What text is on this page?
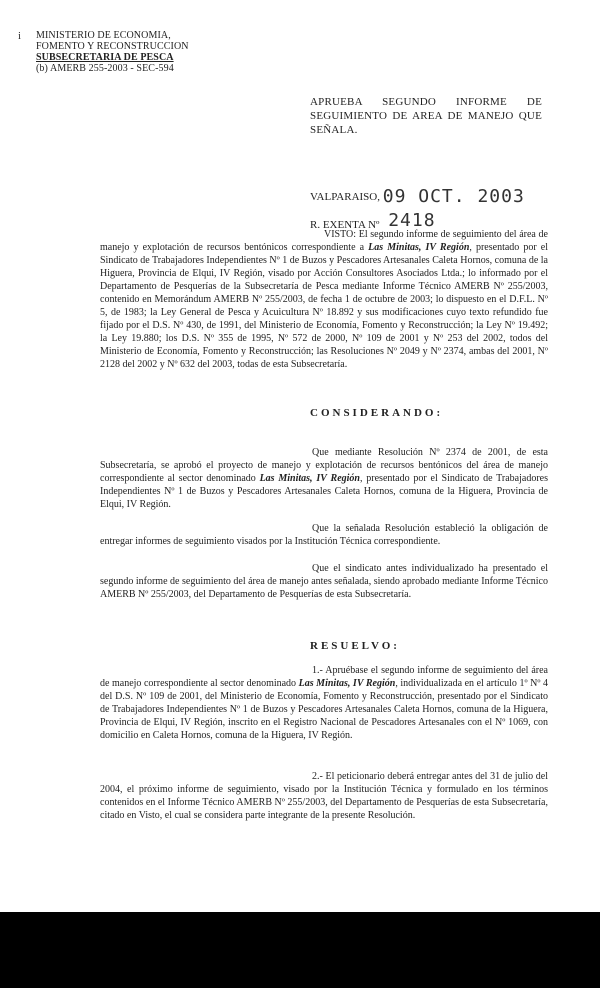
i MINISTERIO DE ECONOMIA,
FOMENTO Y RECONSTRUCCION
SUBSECRETARIA DE PESCA
(b) AMERB 255-2003 - SEC-594
APRUEBA SEGUNDO INFORME DE SEGUIMIENTO DE AREA DE MANEJO QUE SEÑALA.
VALPARAISO, 09 OCT. 2003
R. EXENTA Nº 2418

VISTO: El segundo informe de seguimiento del área de manejo y explotación de recursos bentónicos correspondiente a Las Minitas, IV Región, presentado por el Sindicato de Trabajadores Independientes Nº 1 de Buzos y Pescadores Artesanales Caleta Hornos, comuna de la Higuera, Provincia de Elqui, IV Región, visado por Acción Consultores Asociados Ltda.; lo informado por el Departamento de Pesquerías de la Subsecretaría de Pesca mediante Informe Técnico AMERB Nº 255/2003, contenido en Memorándum AMERB Nº 255/2003, de fecha 1 de octubre de 2003; lo dispuesto en el D.F.L. Nº 5, de 1983; la Ley General de Pesca y Acuicultura Nº 18.892 y sus modificaciones cuyo texto refundido fue fijado por el D.S. Nº 430, de 1991, del Ministerio de Economía, Fomento y Reconstrucción; la Ley Nº 19.492; la Ley 19.880; los D.S. Nº 355 de 1995, Nº 572 de 2000, Nº 109 de 2001 y Nº 253 del 2002, todos del Ministerio de Economía, Fomento y Reconstrucción; las Resoluciones Nº 2049 y Nº 2374, ambas del 2001, Nº 2128 del 2002 y Nº 632 del 2003, todas de esta Subsecretaría.

CONSIDERANDO:

Que mediante Resolución Nº 2374 de 2001, de esta Subsecretaría, se aprobó el proyecto de manejo y explotación de recursos bentónicos del área de manejo correspondiente al sector denominado Las Minitas, IV Región, presentado por el Sindicato de Trabajadores Independientes Nº 1 de Buzos y Pescadores Artesanales Caleta Hornos, comuna de la Higuera, Provincia de Elqui, IV Región.

Que la señalada Resolución estableció la obligación de entregar informes de seguimiento visados por la Institución Técnica correspondiente.

Que el sindicato antes individualizado ha presentado el segundo informe de seguimiento del área de manejo antes señalada, siendo aprobado mediante Informe Técnico AMERB Nº 255/2003, del Departamento de Pesquerías de esta Subsecretaría.

RESUELVO:

1.- Apruébase el segundo informe de seguimiento del área de manejo correspondiente al sector denominado Las Minitas, IV Región, individualizada en el artículo 1º Nº 4 del D.S. Nº 109 de 2001, del Ministerio de Economía, Fomento y Reconstrucción, presentado por el Sindicato de Trabajadores Independientes Nº 1 de Buzos y Pescadores Artesanales Caleta Hornos, comuna de la Higuera, Provincia de Elqui, IV Región, inscrito en el Registro Nacional de Pescadores Artesanales con el Nº 1069, con domicilio en Caleta Hornos, comuna de la Higuera, IV Región.

2.- El peticionario deberá entregar antes del 31 de julio del 2004, el próximo informe de seguimiento, visado por la Institución Técnica y formulado en los términos contenidos en el Informe Técnico AMERB Nº 255/2003, del Departamento de Pesquerías de esta Subsecretaría, citado en Visto, el cual se considera parte integrante de la presente Resolución.
